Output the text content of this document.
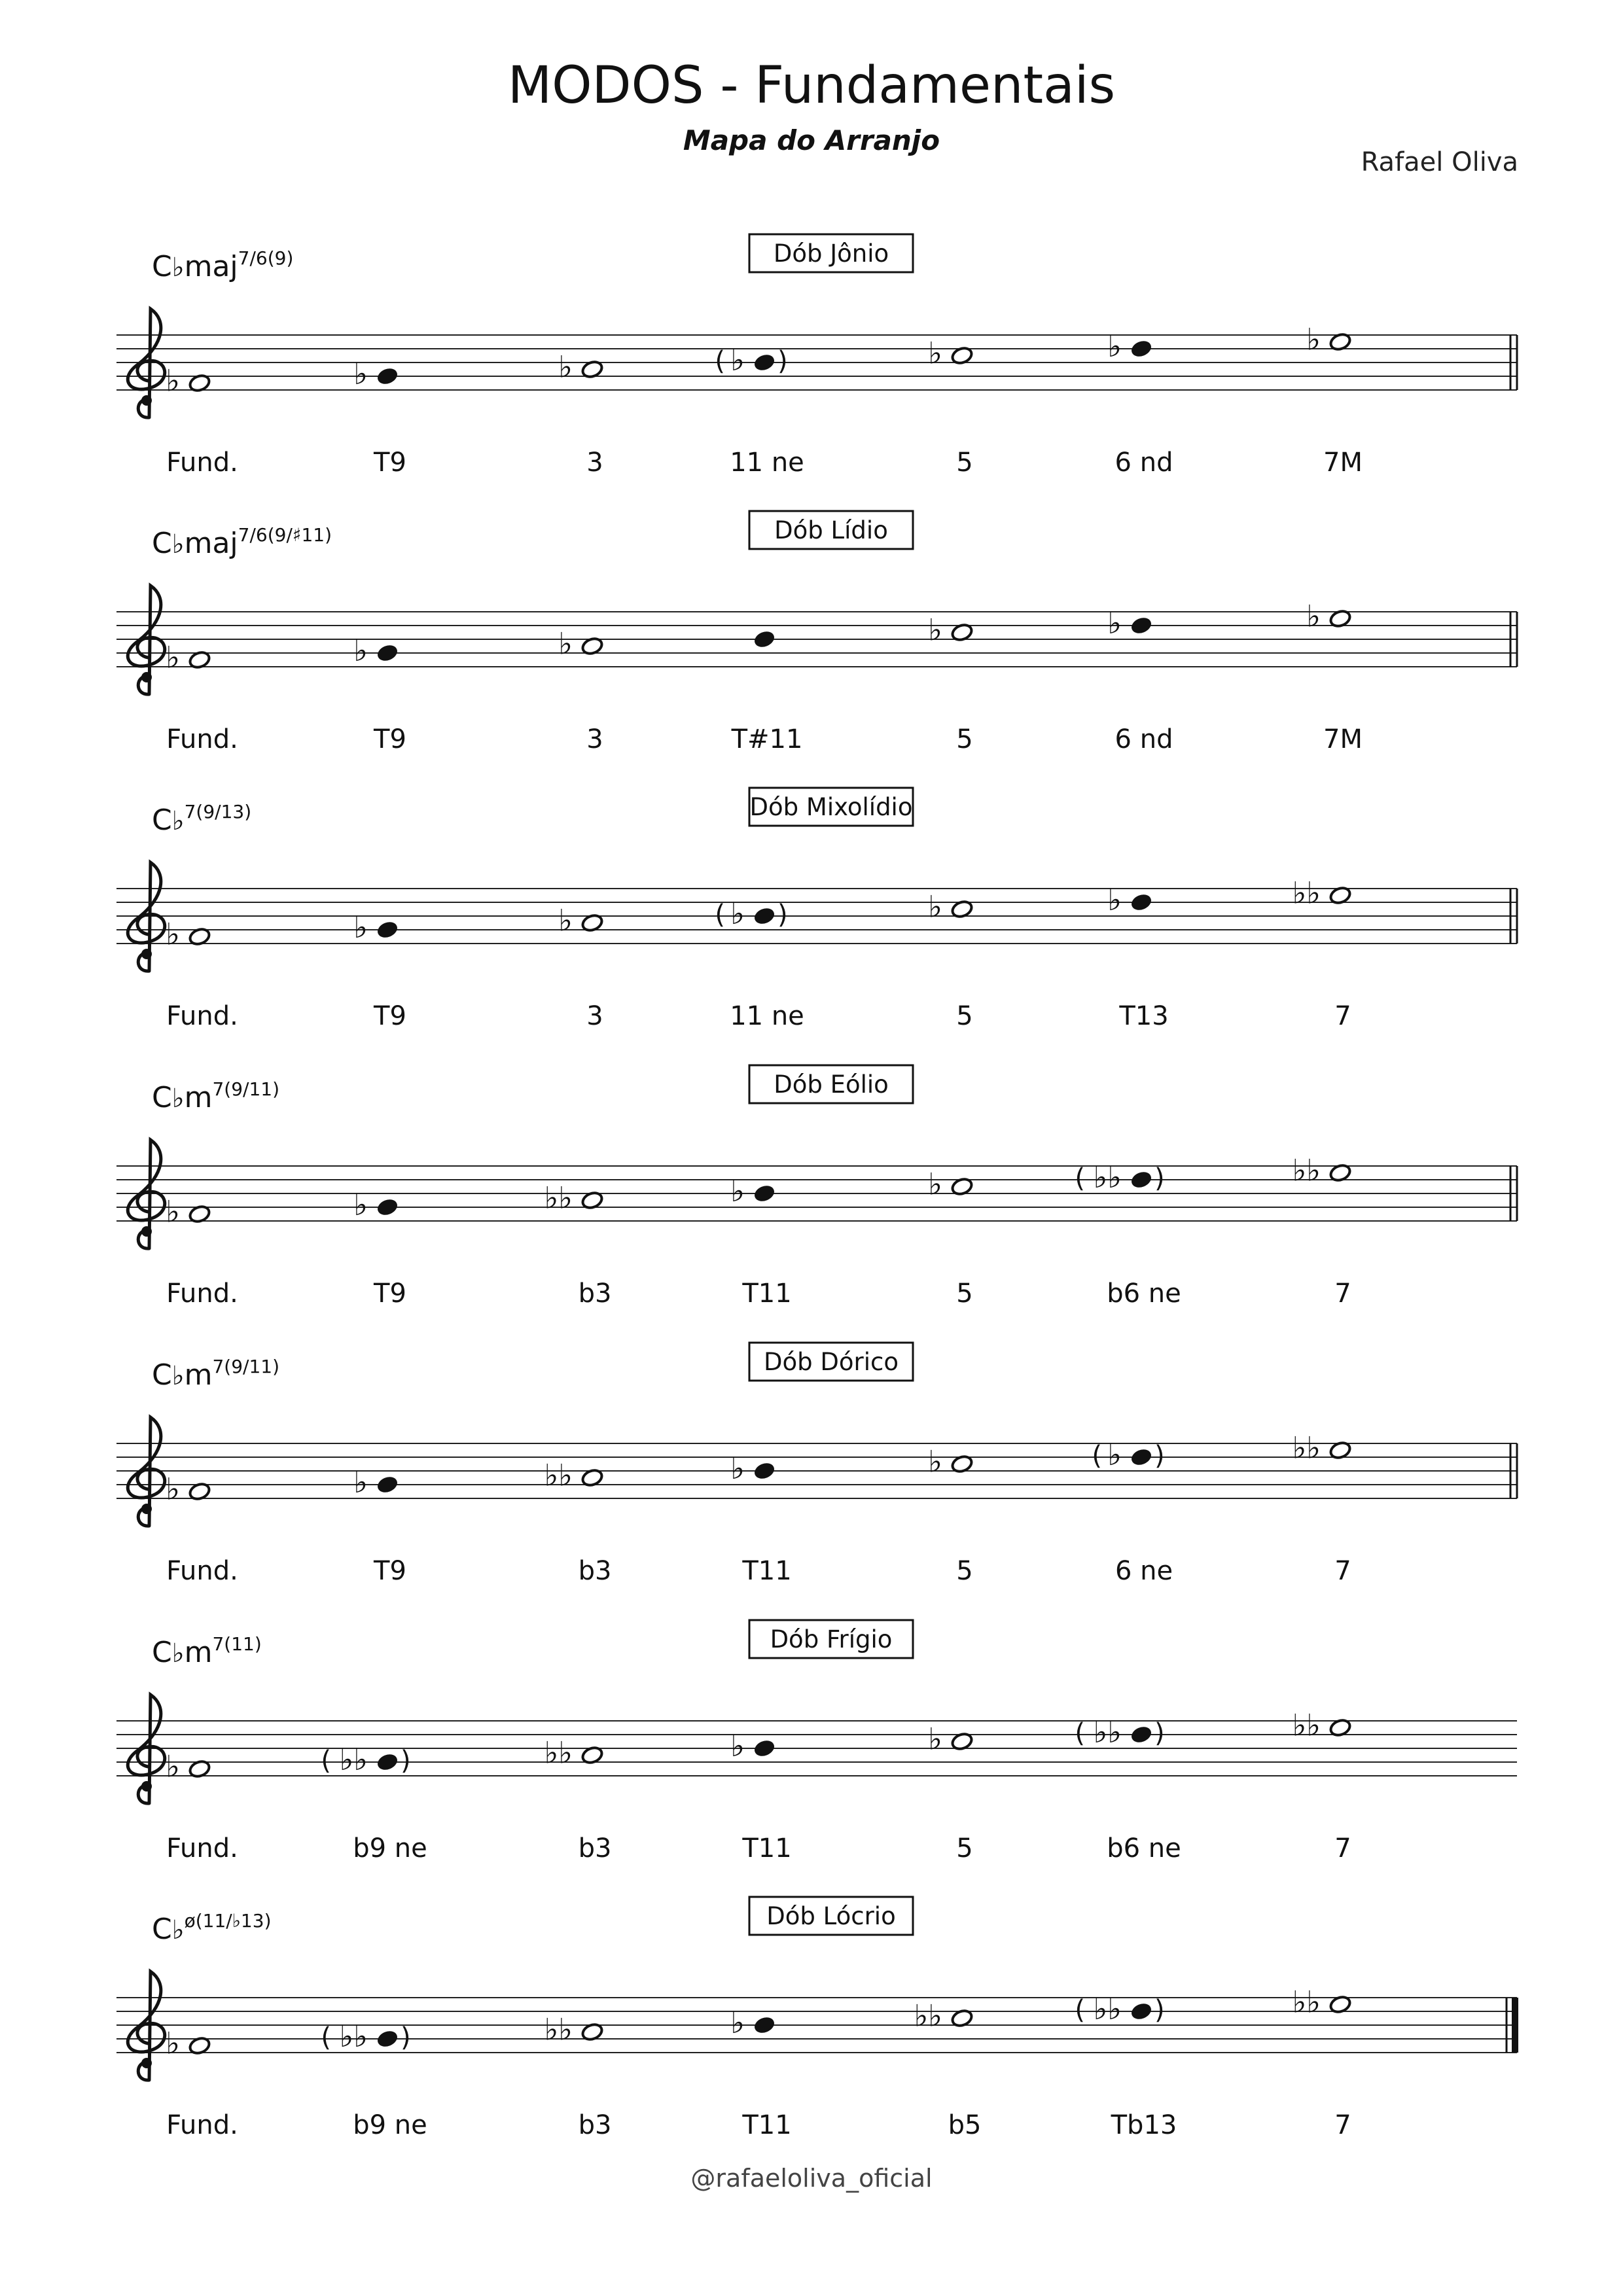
MODOS - Fundamentais
Mapa do Arranjo
Rafael Oliva
Dób Jônio
C♭maj$^{7/6(9)}$
♭
Fund.
♭
T9
♭
3
♭
( )
11 ne
♭
5
♭
6 nd
♭
7M
Dób Lídio
C♭maj$^{7/6(9/♯11)}$
♭
Fund.
♭
T9
♭
3	T#11
♭
5
♭
6 nd
♭
7M
Dób Mixolídio
C♭$^{7(9/13)}$
♭
Fund.
♭
T9
♭
3
♭
( )
11 ne
♭
5
♭
T13
♭♭
7
Dób Eólio
$C♭m^{7(9/11)}$
♭
Fund.
♭
T9
♭♭
b3
♭
T11
♭
5
♭♭
(	)
b6 ne
♭♭
7
Dób Dórico
$C♭m^{7(9/11)}$
♭
Fund.
♭
T9
♭♭
b3
♭
T11
♭
5
♭
( )
6 ne
♭♭
7
Dób Frígio
$C♭m^{7(11)}$
♭
Fund.
♭♭
(	)
b9 ne
♭♭
b3
♭
T11
♭
5
♭♭
(	)
b6 ne
♭♭
7
Dób Lócrio
C♭$^{ø(11/♭13)}$
♭
Fund.
♭♭
(	)
b9 ne
♭♭
b3
♭
T11
♭♭
b5
♭♭
(	)
Tb13
♭♭
7
@rafaeloliva_oficial
